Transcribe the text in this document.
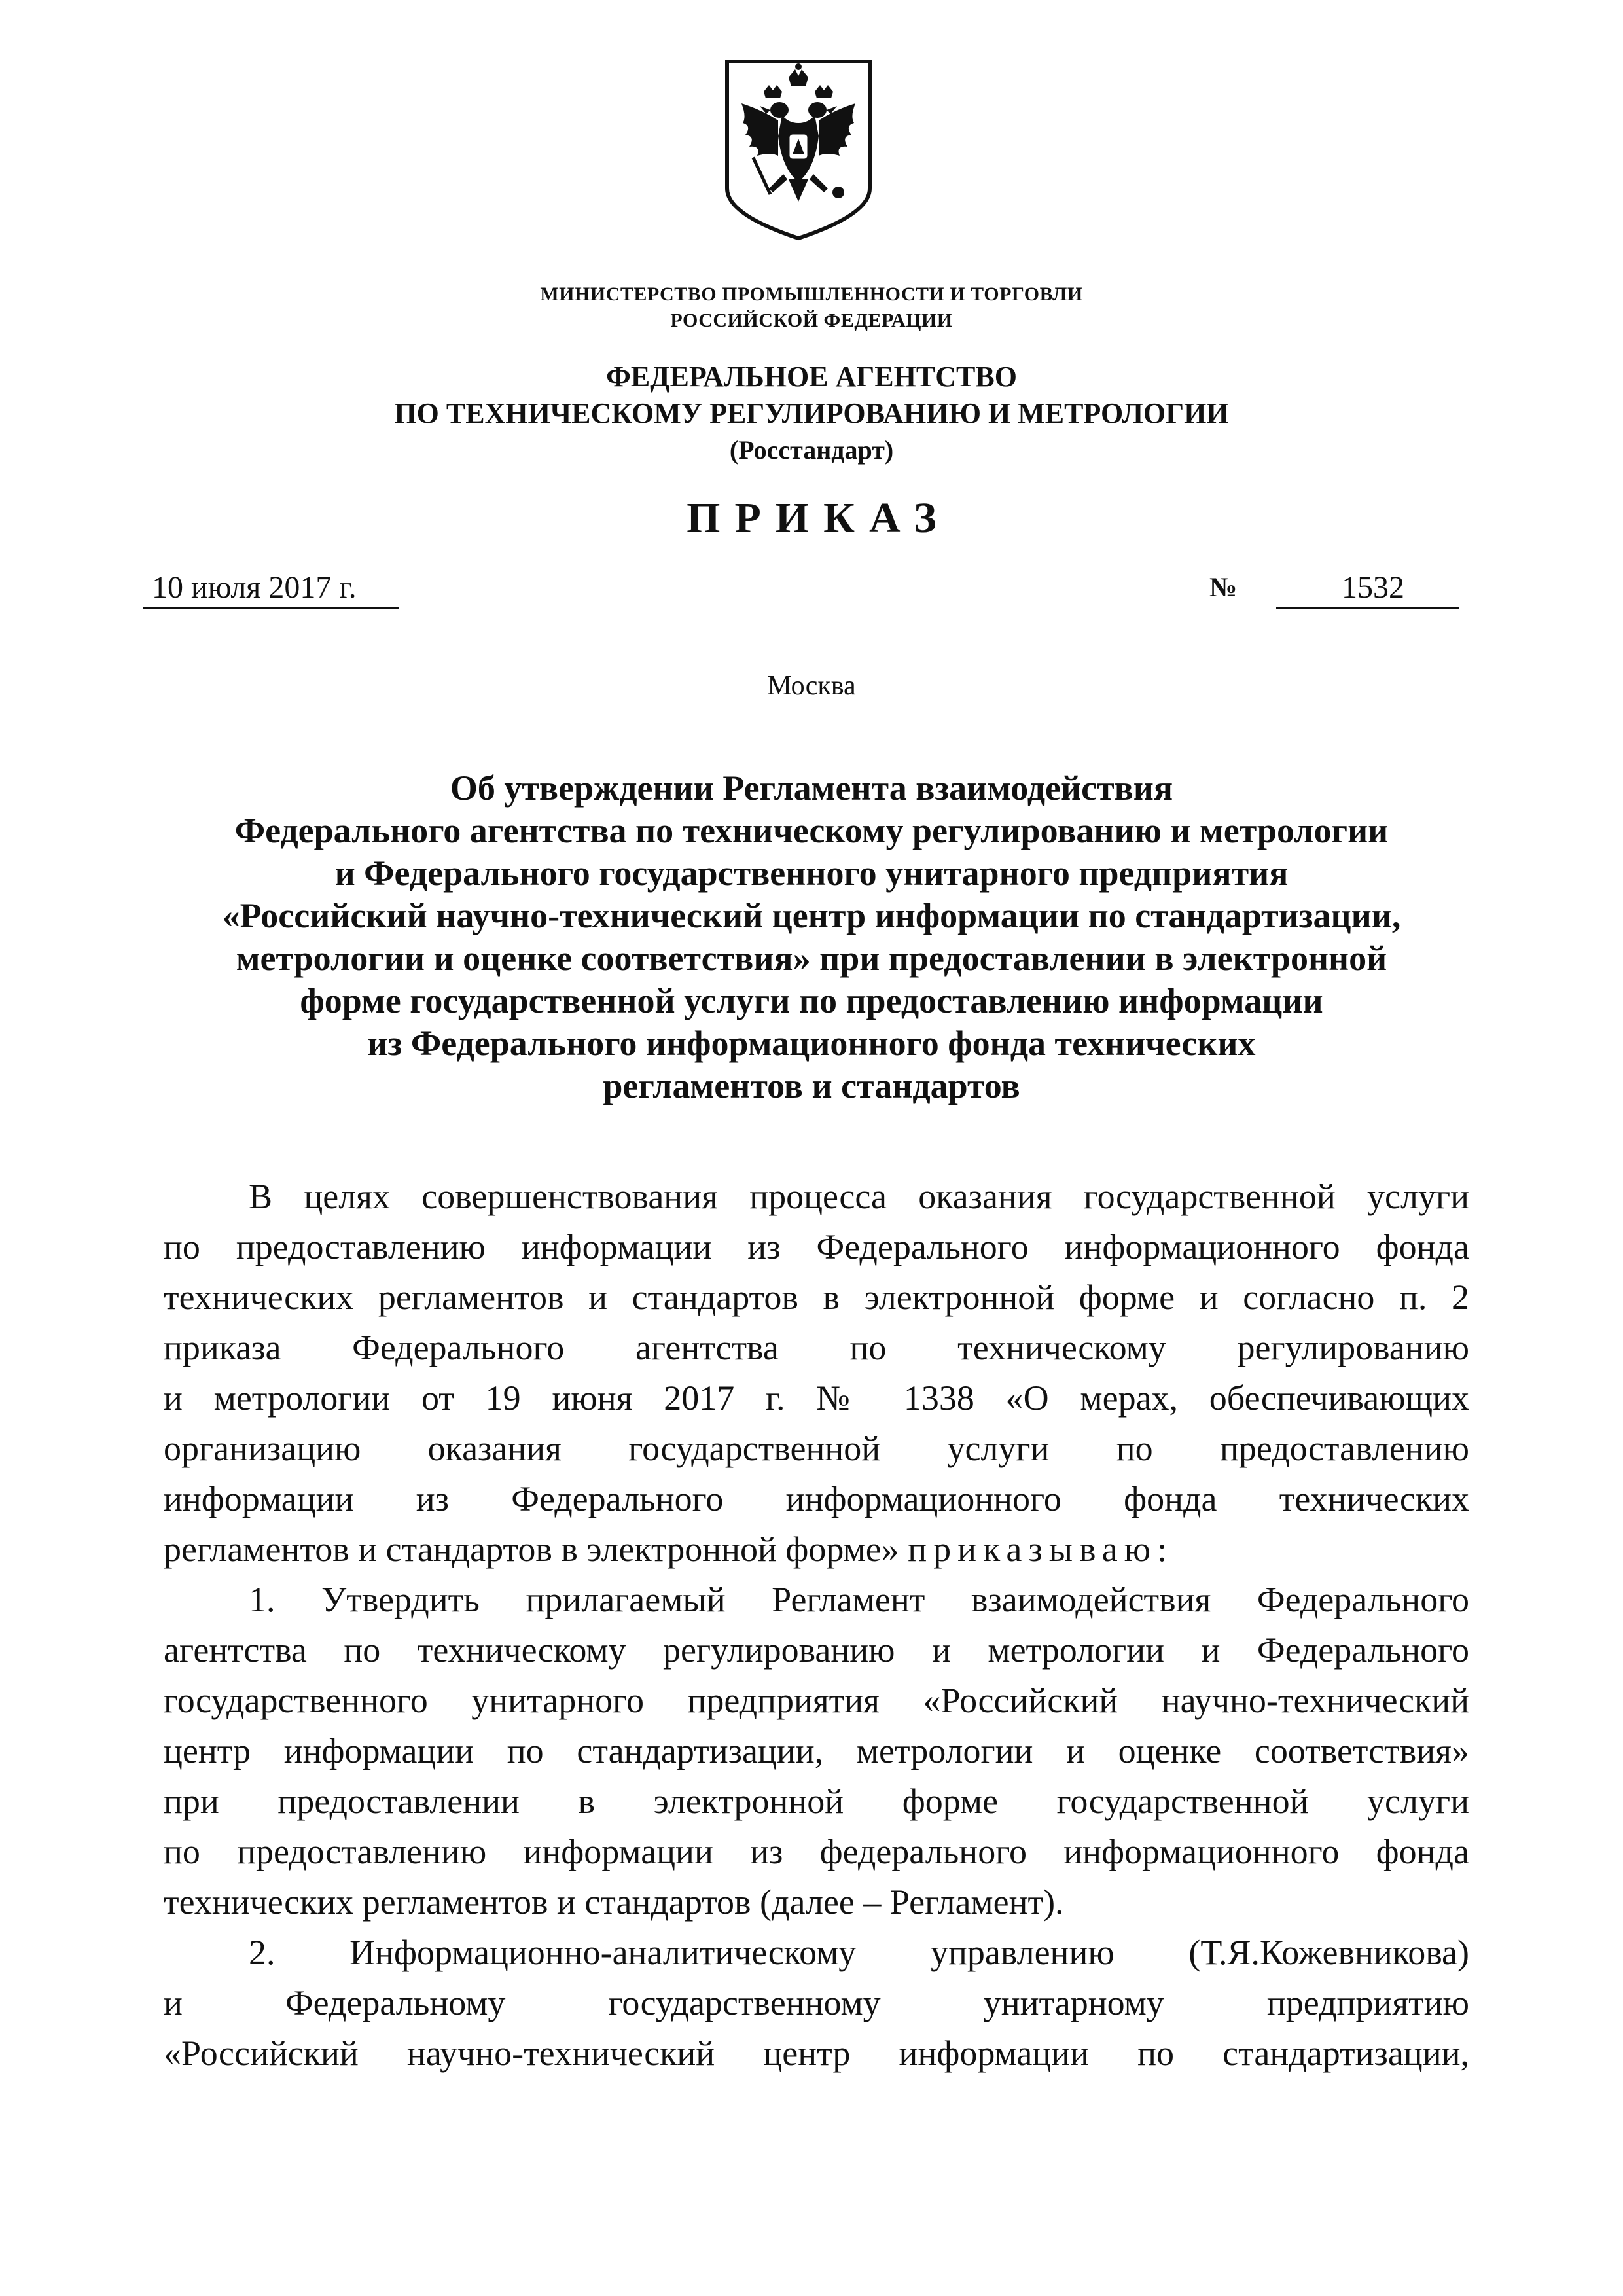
МИНИСТЕРСТВО ПРОМЫШЛЕННОСТИ И ТОРГОВЛИ
РОССИЙСКОЙ ФЕДЕРАЦИИ
ФЕДЕРАЛЬНОЕ АГЕНТСТВО
ПО ТЕХНИЧЕСКОМУ РЕГУЛИРОВАНИЮ И МЕТРОЛОГИИ
(Росстандарт)
ПРИКАЗ
10 июля 2017 г.	№	1532
Москва
Об утверждении Регламента взаимодействия
Федерального агентства по техническому регулированию и метрологии
и Федерального государственного унитарного предприятия
«Российский научно-технический центр информации по стандартизации,
метрологии и оценке соответствия» при предоставлении в электронной
форме государственной услуги по предоставлению информации
из Федерального информационного фонда технических
регламентов и стандартов
В целях совершенствования процесса оказания государственной услуги
по предоставлению информации из Федерального информационного фонда
технических регламентов и стандартов в электронной форме и согласно п. 2
приказа Федерального агентства по техническому регулированию
и метрологии от 19 июня 2017 г. № 1338 «О мерах, обеспечивающих
организацию оказания государственной услуги по предоставлению
информации из Федерального информационного фонда технических
регламентов и стандартов в электронной форме» приказываю:
1. Утвердить прилагаемый Регламент взаимодействия Федерального
агентства по техническому регулированию и метрологии и Федерального
государственного унитарного предприятия «Российский научно-технический
центр информации по стандартизации, метрологии и оценке соответствия»
при предоставлении в электронной форме государственной услуги
по предоставлению информации из федерального информационного фонда
технических регламентов и стандартов (далее – Регламент).
2. Информационно-аналитическому управлению (Т.Я.Кожевникова)
и Федеральному государственному унитарному предприятию
«Российский научно-технический центр информации по стандартизации,
